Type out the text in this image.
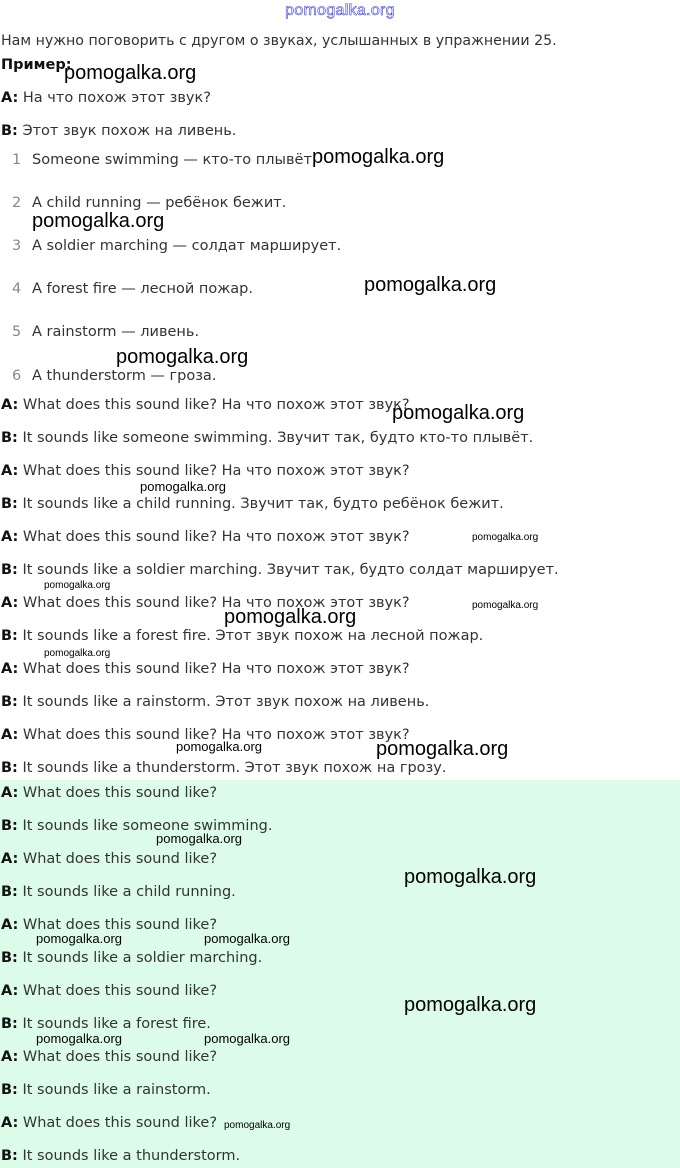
pomogalka.org
Нам нужно поговорить с другом о звуках, услышанных в упражнении 25.
Пример:
A: На что похож этот звук?
B: Этот звук похож на ливень.
1 Someone swimming — кто-то плывёт.
2 A child running — ребёнок бежит.
3 A soldier marching — солдат марширует.
4 A forest fire — лесной пожар.
5 A rainstorm — ливень.
6 A thunderstorm — гроза.
A: What does this sound like? На что похож этот звук?
B: It sounds like someone swimming. Звучит так, будто кто-то плывёт.
A: What does this sound like? На что похож этот звук?
B: It sounds like a child running. Звучит так, будто ребёнок бежит.
A: What does this sound like? На что похож этот звук?
B: It sounds like a soldier marching. Звучит так, будто солдат марширует.
A: What does this sound like? На что похож этот звук?
B: It sounds like a forest fire. Этот звук похож на лесной пожар.
A: What does this sound like? На что похож этот звук?
B: It sounds like a rainstorm. Этот звук похож на ливень.
A: What does this sound like? На что похож этот звук?
B: It sounds like a thunderstorm. Этот звук похож на грозу.
A: What does this sound like?
B: It sounds like someone swimming.
A: What does this sound like?
B: It sounds like a child running.
A: What does this sound like?
B: It sounds like a soldier marching.
A: What does this sound like?
B: It sounds like a forest fire.
A: What does this sound like?
B: It sounds like a rainstorm.
A: What does this sound like?
B: It sounds like a thunderstorm.
pomogalka.org
pomogalka.org
pomogalka.org
pomogalka.org
pomogalka.org
pomogalka.org
pomogalka.org
pomogalka.org
pomogalka.org
pomogalka.org
pomogalka.org
pomogalka.org
pomogalka.org	pomogalka.org
pomogalka.org
pomogalka.org
pomogalka.org	pomogalka.org
pomogalka.org
pomogalka.org	pomogalka.org
pomogalka.org
